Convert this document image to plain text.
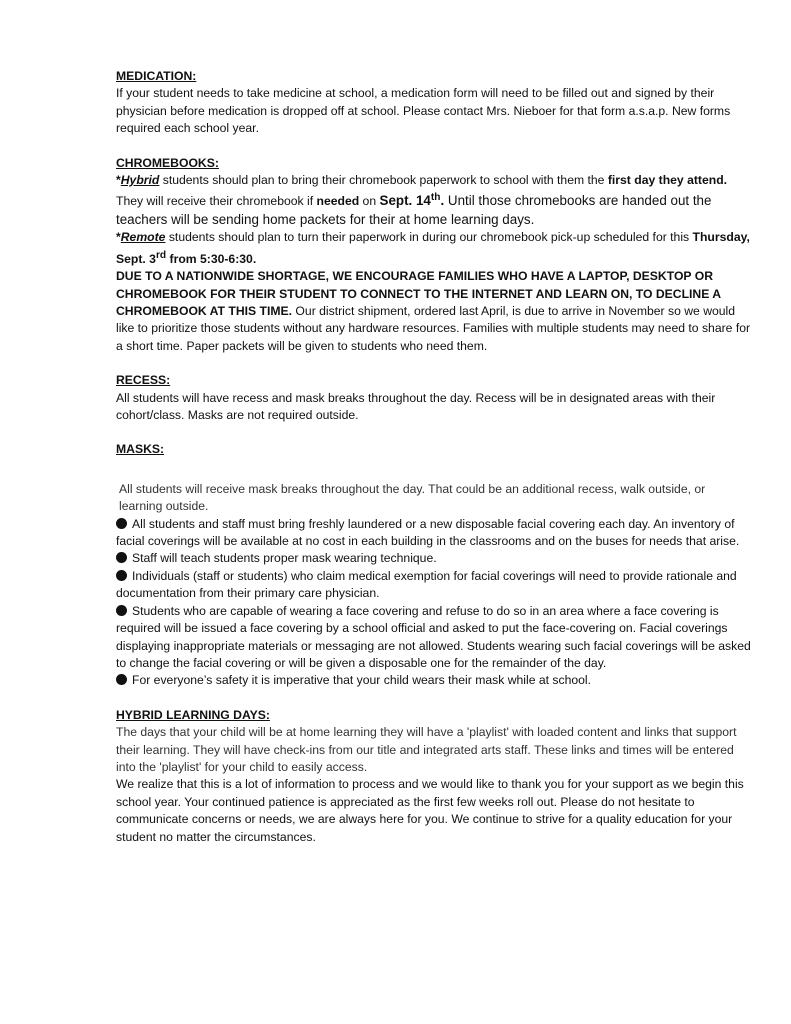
MEDICATION:

If your student needs to take medicine at school, a medication form will need to be filled out and signed by their physician before medication is dropped off at school. Please contact Mrs. Nieboer for that form a.s.a.p. New forms required each school year.

CHROMEBOOKS:

*Hybrid students should plan to bring their chromebook paperwork to school with them the first day they attend. They will receive their chromebook if needed on Sept. 14th. Until those chromebooks are handed out the teachers will be sending home packets for their at home learning days.

*Remote students should plan to turn their paperwork in during our chromebook pick-up scheduled for this Thursday, Sept. 3rd from 5:30-6:30.

DUE TO A NATIONWIDE SHORTAGE, WE ENCOURAGE FAMILIES WHO HAVE A LAPTOP, DESKTOP OR CHROMEBOOK FOR THEIR STUDENT TO CONNECT TO THE INTERNET AND LEARN ON, TO DECLINE A CHROMEBOOK AT THIS TIME. Our district shipment, ordered last April, is due to arrive in November so we would like to prioritize those students without any hardware resources. Families with multiple students may need to share for a short time. Paper packets will be given to students who need them.

RECESS:

All students will have recess and mask breaks throughout the day. Recess will be in designated areas with their cohort/class. Masks are not required outside.

MASKS:

All students will receive mask breaks throughout the day. That could be an additional recess, walk outside, or learning outside.

All students and staff must bring freshly laundered or a new disposable facial covering each day. An inventory of facial coverings will be available at no cost in each building in the classrooms and on the buses for needs that arise.

Staff will teach students proper mask wearing technique.

Individuals (staff or students) who claim medical exemption for facial coverings will need to provide rationale and documentation from their primary care physician.

Students who are capable of wearing a face covering and refuse to do so in an area where a face covering is required will be issued a face covering by a school official and asked to put the face-covering on. Facial coverings displaying inappropriate materials or messaging are not allowed. Students wearing such facial coverings will be asked to change the facial covering or will be given a disposable one for the remainder of the day.

For everyone’s safety it is imperative that your child wears their mask while at school.

HYBRID LEARNING DAYS:

The days that your child will be at home learning they will have a 'playlist' with loaded content and links that support their learning. They will have check-ins from our title and integrated arts staff. These links and times will be entered into the 'playlist' for your child to easily access.

We realize that this is a lot of information to process and we would like to thank you for your support as we begin this school year. Your continued patience is appreciated as the first few weeks roll out. Please do not hesitate to communicate concerns or needs, we are always here for you. We continue to strive for a quality education for your student no matter the circumstances.
